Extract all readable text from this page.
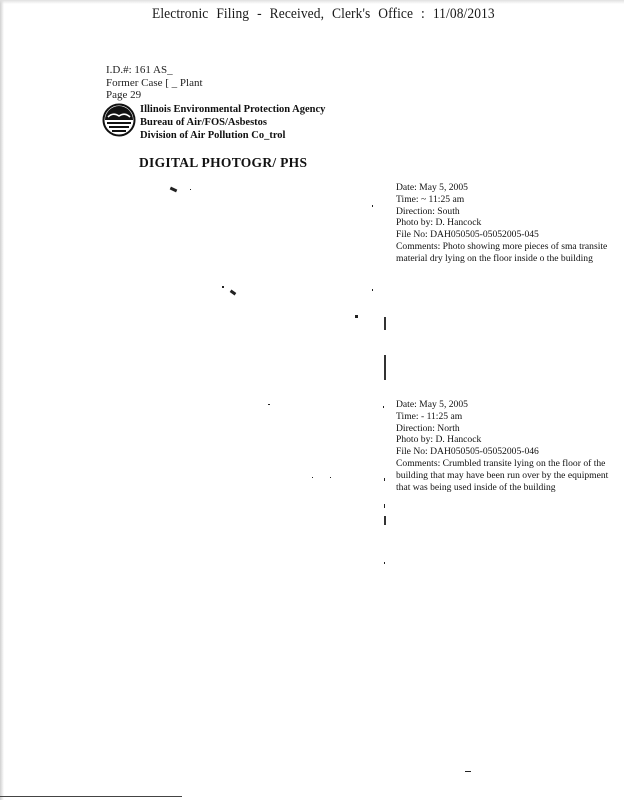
Electronic Filing - Received, Clerk's Office : 11/08/2013
I.D.#: 161 AS_
Former Case [ _ Plant
Page 29
Illinois Environmental Protection Agency
Bureau of Air/FOS/Asbestos
Division of Air Pollution Co_trol
DIGITAL PHOTOGR/ PHS
Date: May 5, 2005
Time: ~ 11:25 am
Direction: South
Photo by: D. Hancock
File No: DAH050505-05052005-045
Comments: Photo showing more pieces of sma transite material dry lying on the floor inside o the building
Date: May 5, 2005
Time: - 11:25 am
Direction: North
Photo by: D. Hancock
File No: DAH050505-05052005-046
Comments: Crumbled transite lying on the floor of the building that may have been run over by the equipment that was being used inside of the building
